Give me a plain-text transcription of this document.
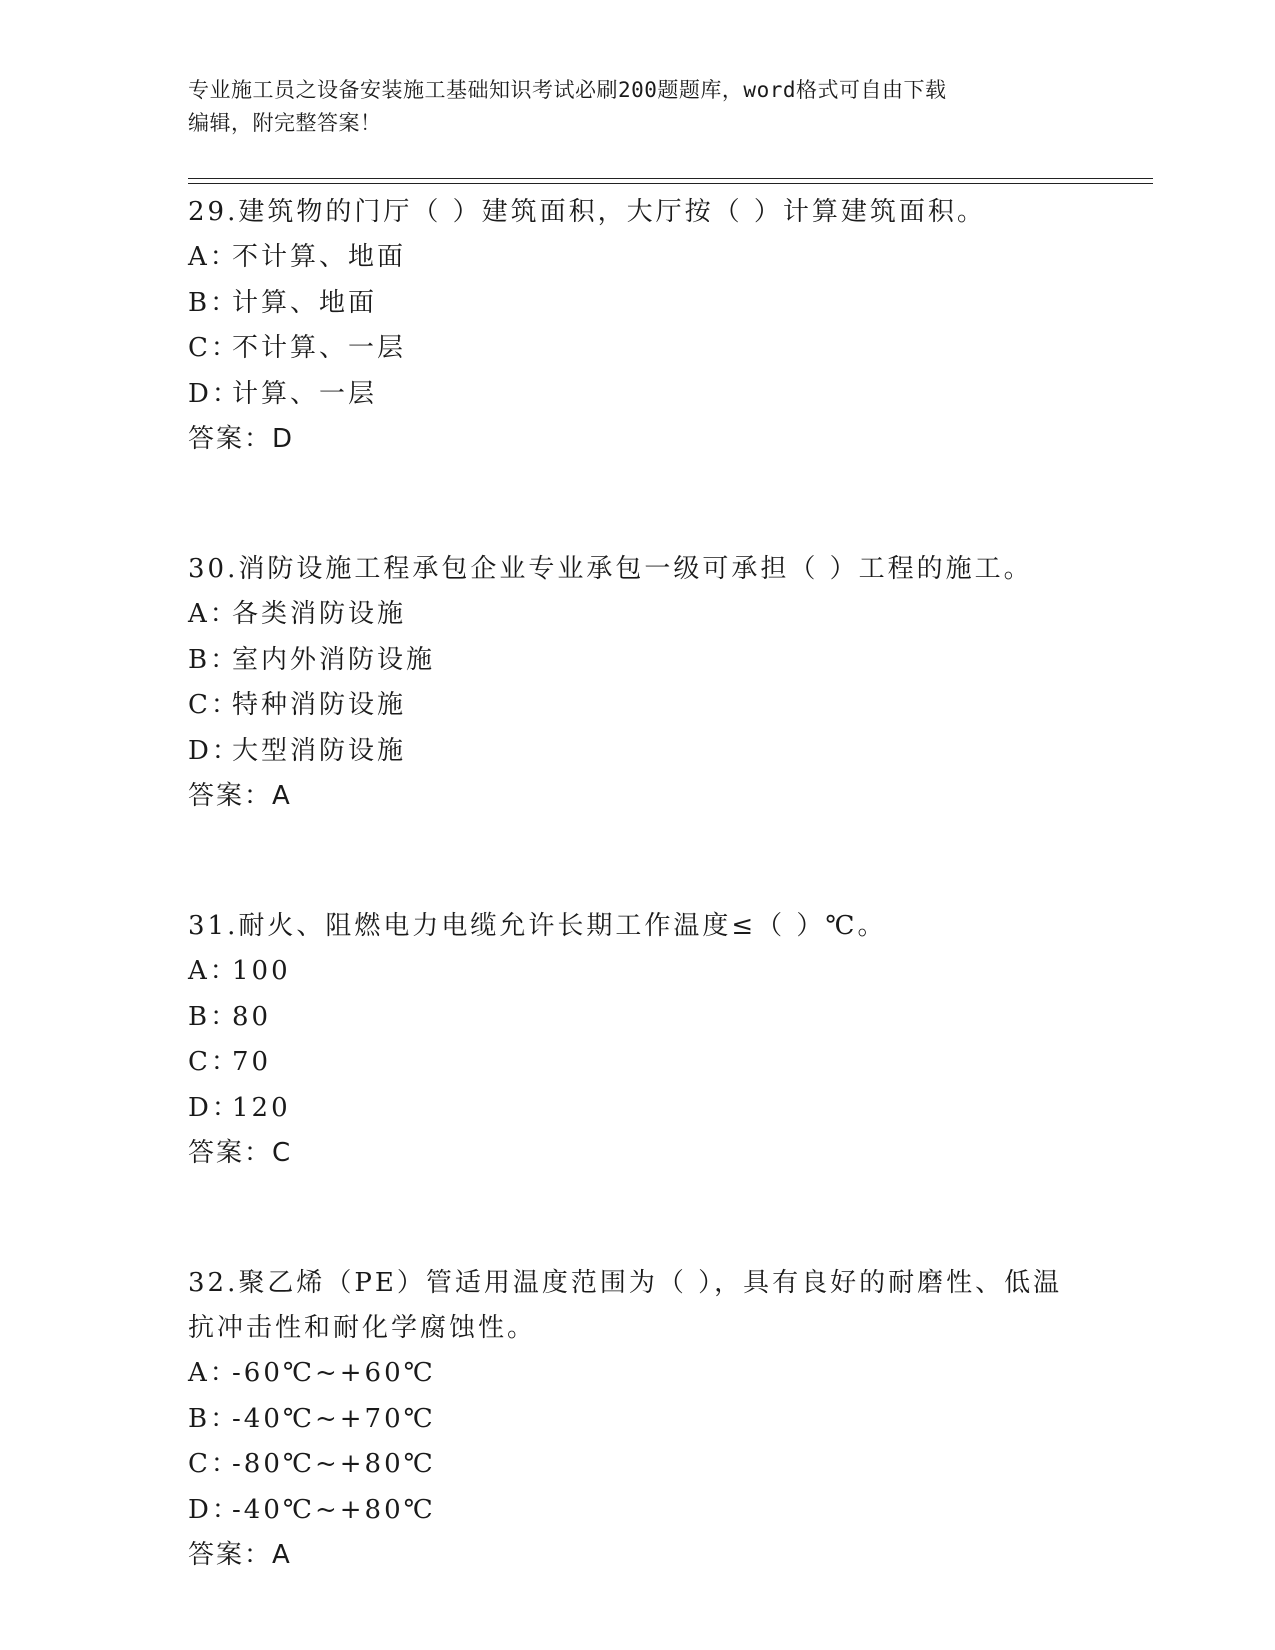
专业施工员之设备安装施工基础知识考试必刷200题题库，word格式可自由下载
编辑，附完整答案！
29.建筑物的门厅（ ）建筑面积，大厅按（ ）计算建筑面积。
A：不计算、地面
B：计算、地面
C：不计算、一层
D：计算、一层
答案：D
30.消防设施工程承包企业专业承包一级可承担（ ）工程的施工。
A：各类消防设施
B：室内外消防设施
C：特种消防设施
D：大型消防设施
答案：A
31.耐火、阻燃电力电缆允许长期工作温度≤（ ）℃。
A：100
B：80
C：70
D：120
答案：C
32.聚乙烯（PE）管适用温度范围为（ ），具有良好的耐磨性、低温
抗冲击性和耐化学腐蚀性。
A：-60℃~+60℃
B：-40℃~+70℃
C：-80℃~+80℃
D：-40℃~+80℃
答案：A
